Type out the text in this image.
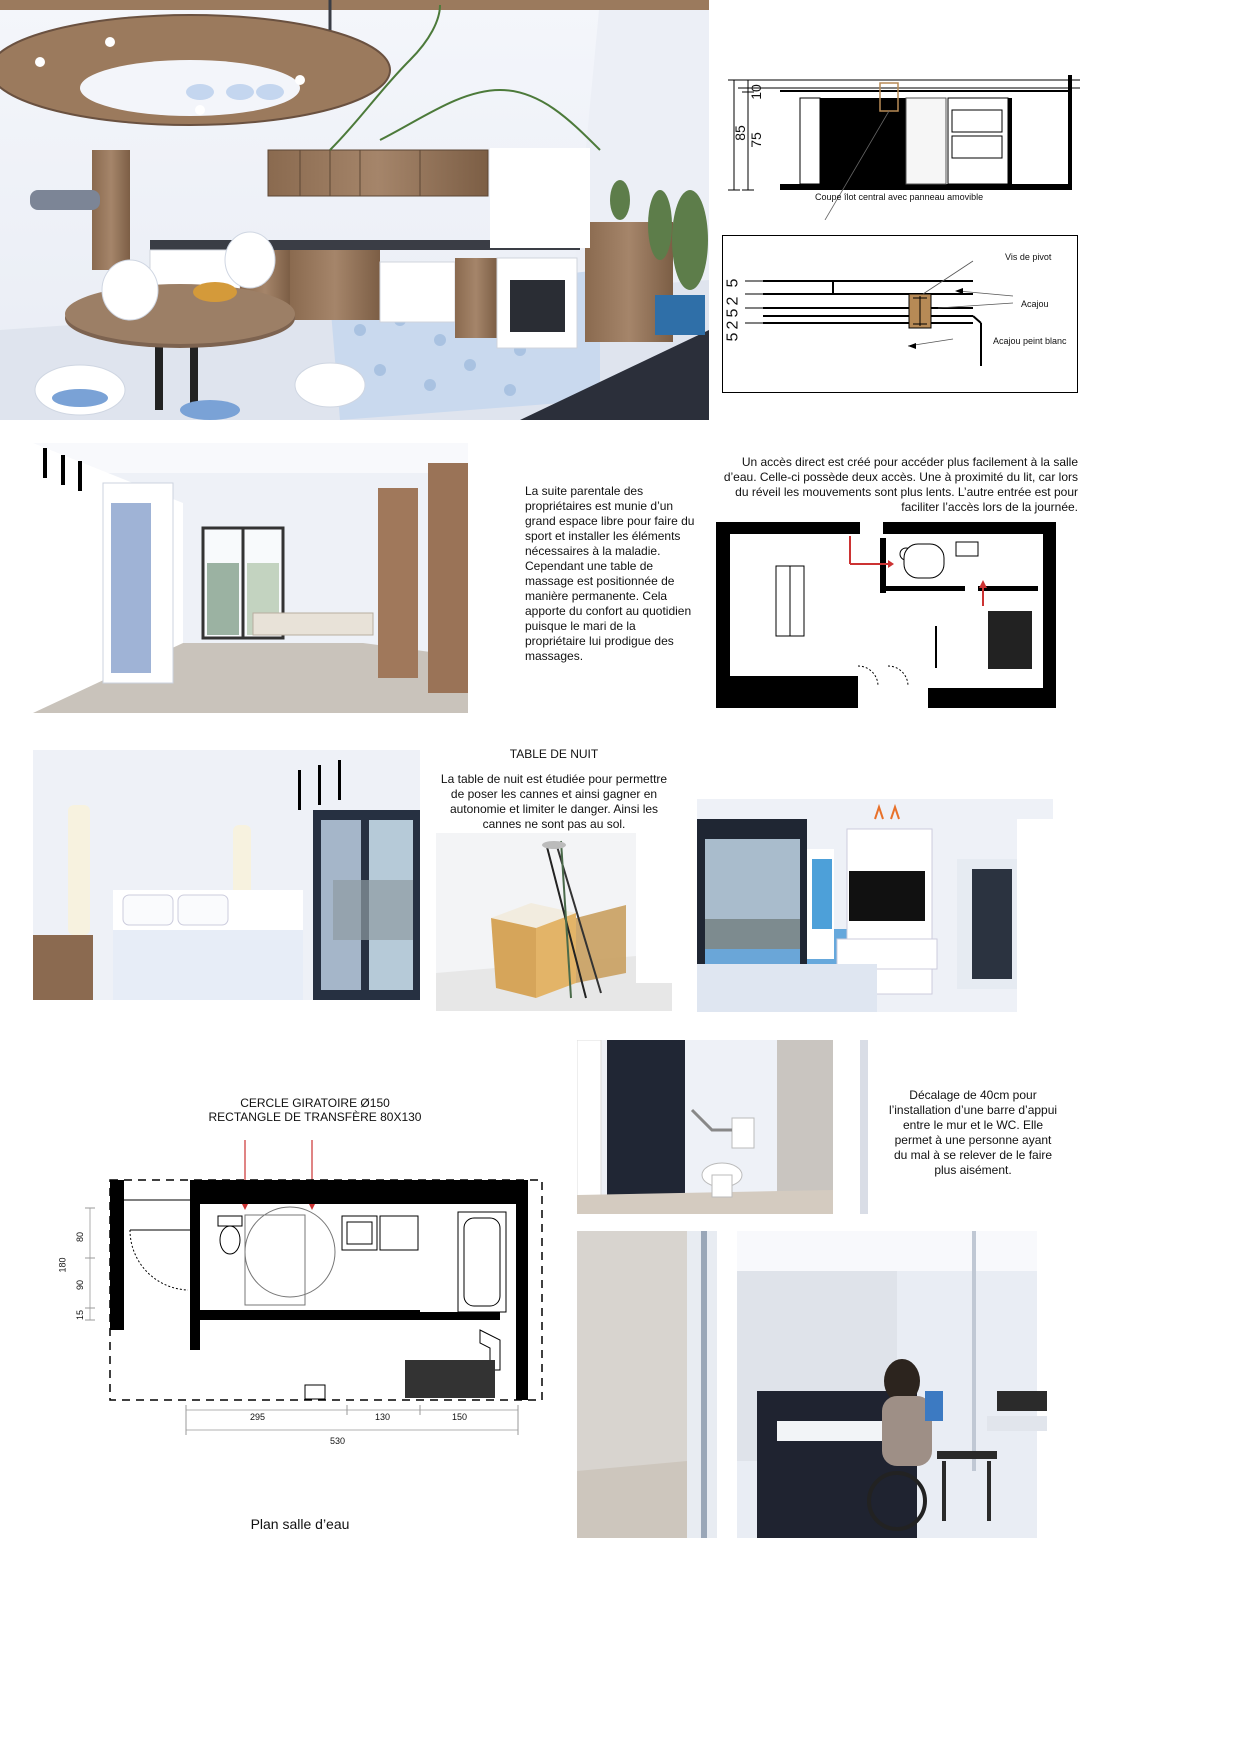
10
75
85
Coupe îlot central avec panneau amovible
5
2
5
2
5
Vis de pivot
Acajou
Acajou peint blanc
La suite parentale des propriétaires est munie d’un grand espace libre pour faire du sport et installer les éléments nécessaires à la maladie. Cependant une table de massage est positionnée de manière permanente. Cela apporte du confort au quotidien puisque le mari de la propriétaire lui prodigue des massages.
Un accès direct est créé pour accéder plus facilement à la salle d’eau. Celle-ci possède deux accès. Une à proximité du lit, car lors du réveil les mouvements sont plus lents. L’autre entrée est pour faciliter l’accès lors de la journée.
TABLE DE NUIT
La table de nuit est étudiée pour permettre de poser les cannes et ainsi gagner en autonomie et limiter le danger. Ainsi les cannes ne sont pas au sol.
CERCLE GIRATOIRE Ø150
RECTANGLE DE TRANSFÈRE 80X130
80
90
15
180
295	130	150
530
Plan salle d’eau
Décalage de 40cm pour l’installation d’une barre d’appui entre le mur et le WC. Elle permet à une personne ayant du mal à se relever de le faire plus aisément.
